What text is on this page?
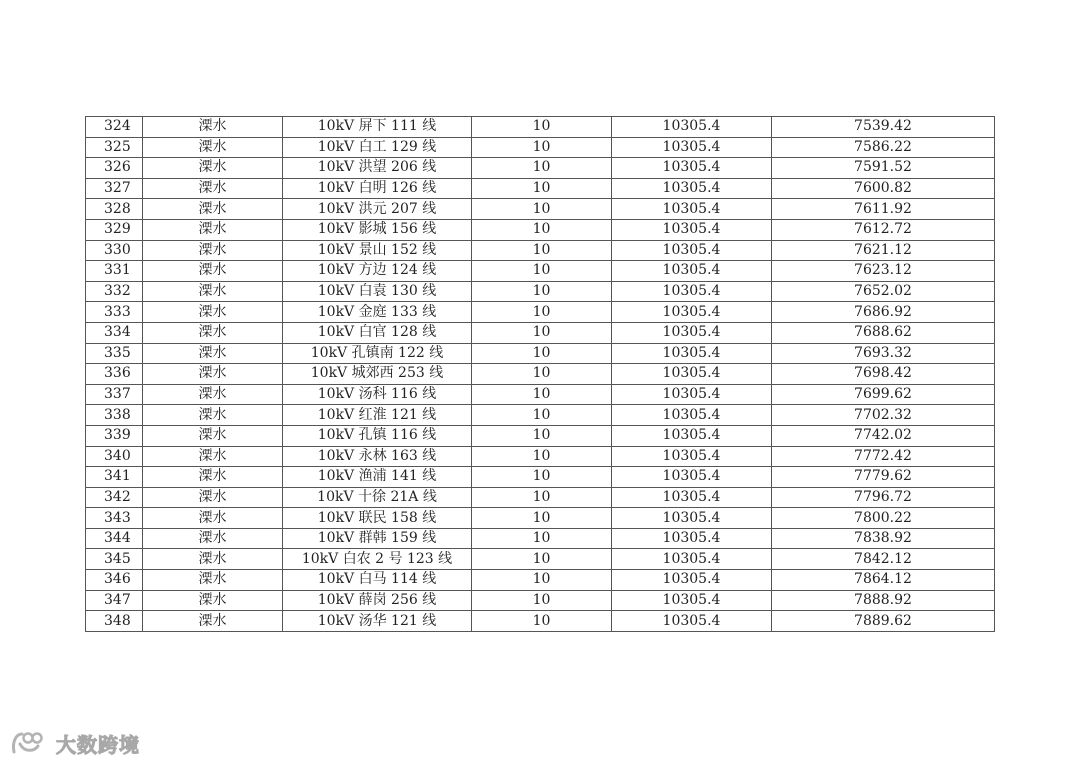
324	溧水	10kV 屏下 111 线	10	10305.4	7539.42
325	溧水	10kV 白工 129 线	10	10305.4	7586.22
326	溧水	10kV 洪望 206 线	10	10305.4	7591.52
327	溧水	10kV 白明 126 线	10	10305.4	7600.82
328	溧水	10kV 洪元 207 线	10	10305.4	7611.92
329	溧水	10kV 影城 156 线	10	10305.4	7612.72
330	溧水	10kV 景山 152 线	10	10305.4	7621.12
331	溧水	10kV 方边 124 线	10	10305.4	7623.12
332	溧水	10kV 白袁 130 线	10	10305.4	7652.02
333	溧水	10kV 金庭 133 线	10	10305.4	7686.92
334	溧水	10kV 白官 128 线	10	10305.4	7688.62
335	溧水	10kV 孔镇南 122 线	10	10305.4	7693.32
336	溧水	10kV 城郊西 253 线	10	10305.4	7698.42
337	溧水	10kV 汤科 116 线	10	10305.4	7699.62
338	溧水	10kV 红淮 121 线	10	10305.4	7702.32
339	溧水	10kV 孔镇 116 线	10	10305.4	7742.02
340	溧水	10kV 永林 163 线	10	10305.4	7772.42
341	溧水	10kV 渔浦 141 线	10	10305.4	7779.62
342	溧水	10kV 十徐 21A 线	10	10305.4	7796.72
343	溧水	10kV 联民 158 线	10	10305.4	7800.22
344	溧水	10kV 群韩 159 线	10	10305.4	7838.92
345	溧水	10kV 白农 2 号 123 线	10	10305.4	7842.12
346	溧水	10kV 白马 114 线	10	10305.4	7864.12
347	溧水	10kV 薛岗 256 线	10	10305.4	7888.92
348	溧水	10kV 汤华 121 线	10	10305.4	7889.62
大数跨境
